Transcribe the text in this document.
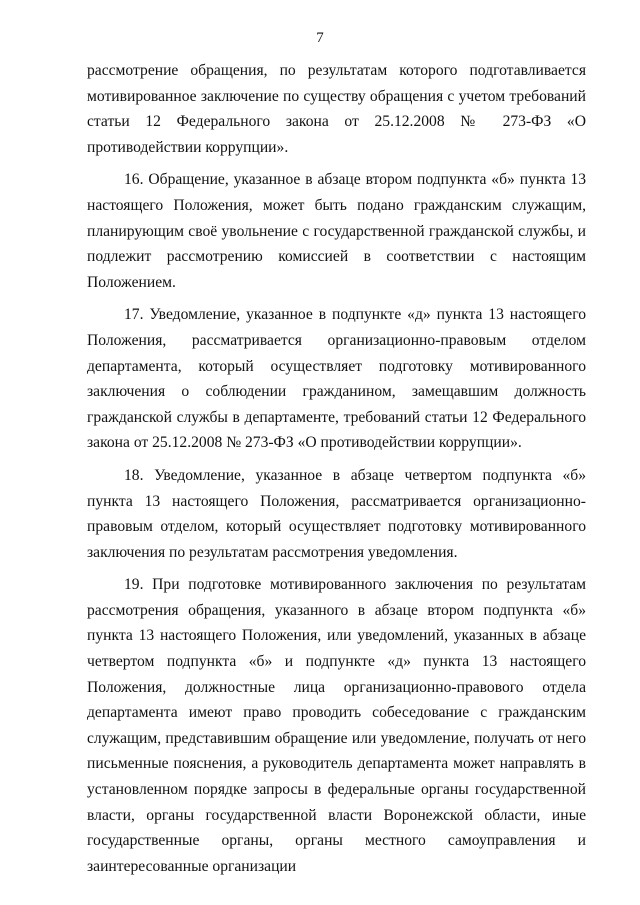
7

рассмотрение обращения, по результатам которого подготавливается мотивированное заключение по существу обращения с учетом требований статьи 12 Федерального закона от 25.12.2008 № 273-ФЗ «О противодействии коррупции».

16. Обращение, указанное в абзаце втором подпункта «б» пункта 13 настоящего Положения, может быть подано гражданским служащим, планирующим своё увольнение с государственной гражданской службы, и подлежит рассмотрению комиссией в соответствии с настоящим Положением.

17. Уведомление, указанное в подпункте «д» пункта 13 настоящего Положения, рассматривается организационно-правовым отделом департамента, который осуществляет подготовку мотивированного заключения о соблюдении гражданином, замещавшим должность гражданской службы в департаменте, требований статьи 12 Федерального закона от 25.12.2008 № 273-ФЗ «О противодействии коррупции».

18. Уведомление, указанное в абзаце четвертом подпункта «б» пункта 13 настоящего Положения, рассматривается организационно-правовым отделом, который осуществляет подготовку мотивированного заключения по результатам рассмотрения уведомления.

19. При подготовке мотивированного заключения по результатам рассмотрения обращения, указанного в абзаце втором подпункта «б» пункта 13 настоящего Положения, или уведомлений, указанных в абзаце четвертом подпункта «б» и подпункте «д» пункта 13 настоящего Положения, должностные лица организационно-правового отдела департамента имеют право проводить собеседование с гражданским служащим, представившим обращение или уведомление, получать от него письменные пояснения, а руководитель департамента может направлять в установленном порядке запросы в федеральные органы государственной власти, органы государственной власти Воронежской области, иные государственные органы, органы местного самоуправления и заинтересованные организации
